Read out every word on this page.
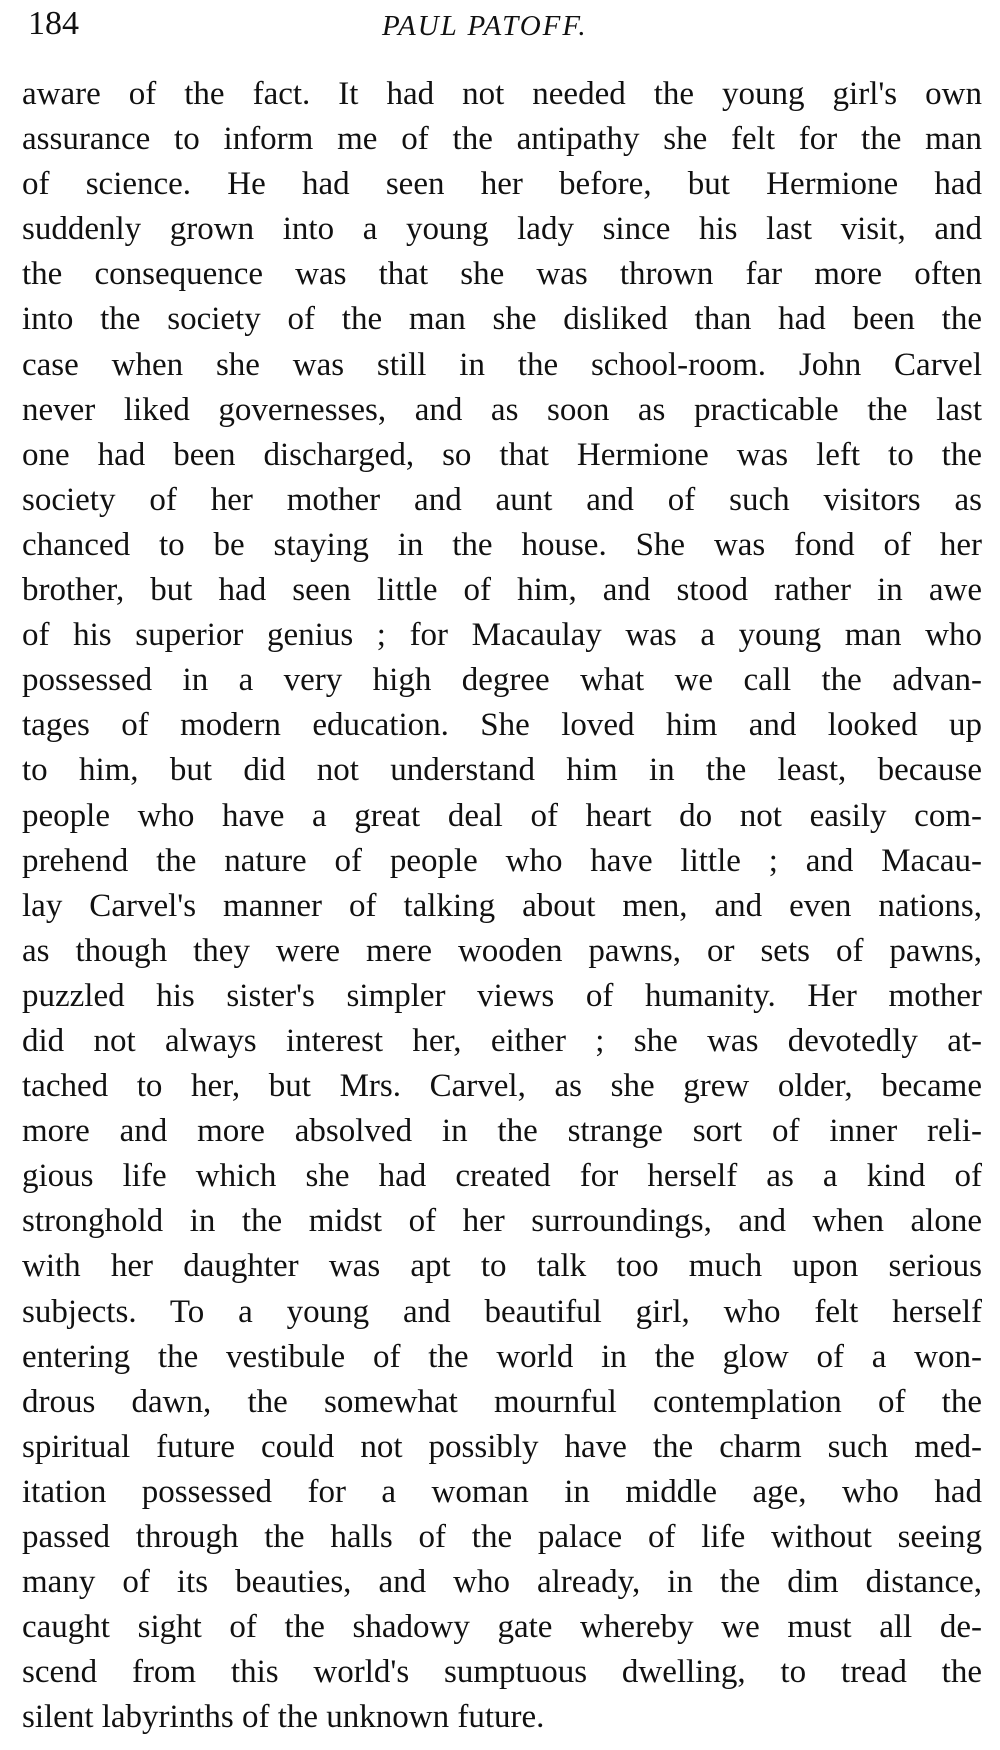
184	PAUL PATOFF.
aware of the fact. It had not needed the young girl's own
assurance to inform me of the antipathy she felt for the man
of science. He had seen her before, but Hermione had
suddenly grown into a young lady since his last visit, and
the consequence was that she was thrown far more often
into the society of the man she disliked than had been the
case when she was still in the school-room. John Carvel
never liked governesses, and as soon as practicable the last
one had been discharged, so that Hermione was left to the
society of her mother and aunt and of such visitors as
chanced to be staying in the house. She was fond of her
brother, but had seen little of him, and stood rather in awe
of his superior genius ; for Macaulay was a young man who
possessed in a very high degree what we call the advan-
tages of modern education. She loved him and looked up
to him, but did not understand him in the least, because
people who have a great deal of heart do not easily com-
prehend the nature of people who have little ; and Macau-
lay Carvel's manner of talking about men, and even nations,
as though they were mere wooden pawns, or sets of pawns,
puzzled his sister's simpler views of humanity. Her mother
did not always interest her, either ; she was devotedly at-
tached to her, but Mrs. Carvel, as she grew older, became
more and more absolved in the strange sort of inner reli-
gious life which she had created for herself as a kind of
stronghold in the midst of her surroundings, and when alone
with her daughter was apt to talk too much upon serious
subjects. To a young and beautiful girl, who felt herself
entering the vestibule of the world in the glow of a won-
drous dawn, the somewhat mournful contemplation of the
spiritual future could not possibly have the charm such med-
itation possessed for a woman in middle age, who had
passed through the halls of the palace of life without seeing
many of its beauties, and who already, in the dim distance,
caught sight of the shadowy gate whereby we must all de-
scend from this world's sumptuous dwelling, to tread the
silent labyrinths of the unknown future.
